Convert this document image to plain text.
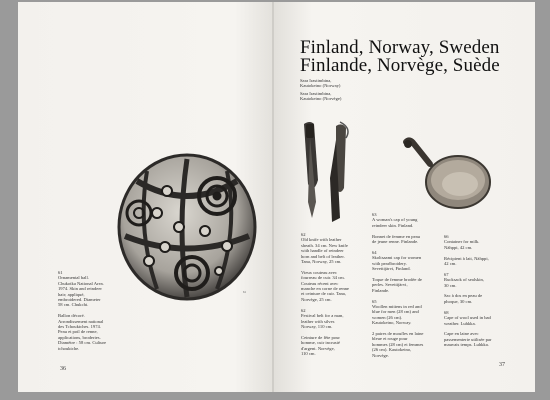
61
61
Ornamental ball.
Chukotka National Area.
1974. Skin and reindeer
hair; appliqué,
embroidered. Diameter
58 cm. Chukchi.

Ballon décoré.
Arrondissement national
des Tchouktches. 1974.
Peau et poil de renne,
applications, broderies.
Diamètre : 58 cm. Culture
tchouktche.
36
Finland, Norway, Sweden
Finlande, Norvège, Suède
Sara Irastimbina,
Kautokeino (Norway)
Sara Irastimbina,
Kautokeino (Norvège)
62
Old knife with leather
sheath. 34 cm. New knife
with handle of reindeer
horn and belt of leather.
Tana, Norway, 25 cm.

Vieux couteau avec
fourreau de cuir. 34 cm.
Couteau récent avec
manche en corne de renne
et ceinture de cuir. Tana,
Norvège, 25 cm.

62
Festival belt for a man,
leather with silver.
Norway, 110 cm.

Ceinture de fête pour
homme, cuir incrusté
d'argent. Norvège,
110 cm.
63
A woman's cap of young
reindeer skin. Finland.

Bonnet de femme en peau
de jeune renne. Finlande.

64
Skoltsaami cap for women
with pearlbroidery.
Sevettijärvi, Finland.

Toque de femme brodée de
perles. Sevettijärvi,
Finlande.

65
Woollen mittens in red and
blue for men (28 cm) and
women (26 cm).
Kautokeino, Norway.

2 paires de moufles en laine
bleue et rouge pour
hommes (28 cm) et femmes
(26 cm). Kautokeino,
Norvège.
66
Container for milk.
Nähppi, 42 cm.

Récipient à lait, Nähppi,
42 cm.

67
Rucksack of sealskin,
30 cm.

Sac à dos en peau de
phoque, 30 cm.

68
Cape of wool used in bad
weather. Luhkka.

Cape en laine avec
passementerie utilisée par
mauvais temps. Luhkka.
37
